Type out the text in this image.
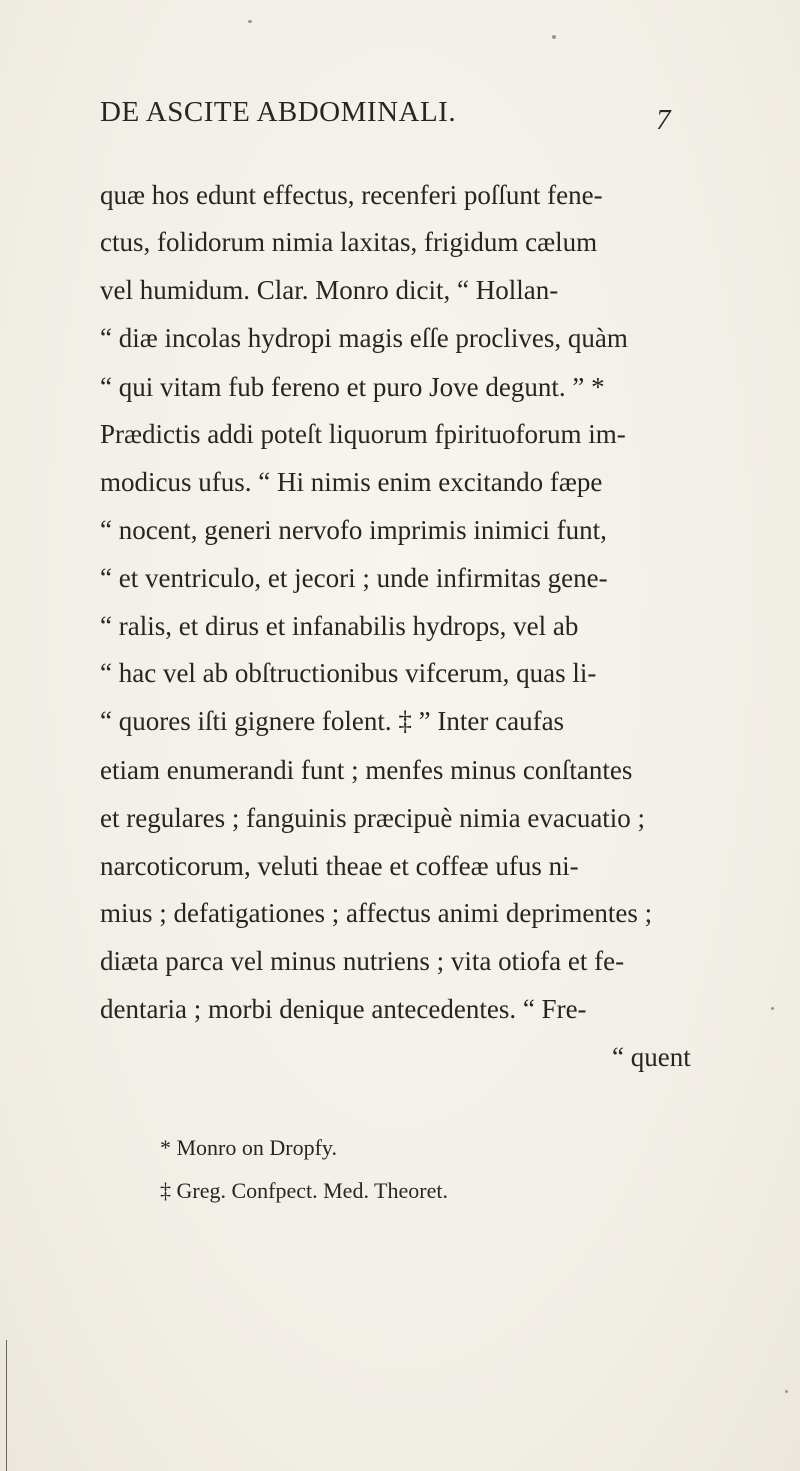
DE ASCITE ABDOMINALI.	7
quæ hos edunt effectus, recenferi poſſunt fene-
ctus, folidorum nimia laxitas, frigidum cælum
vel humidum. Clar. Monro dicit, “ Hollan-
“ diæ incolas hydropi magis eſſe proclives, quàm
“ qui vitam fub fereno et puro Jove degunt. ” *
Prædictis addi poteſt liquorum fpirituoforum im-
modicus ufus. “ Hi nimis enim excitando fæpe
“ nocent, generi nervofo imprimis inimici funt,
“ et ventriculo, et jecori ; unde infirmitas gene-
“ ralis, et dirus et infanabilis hydrops, vel ab
“ hac vel ab obſtructionibus vifcerum, quas li-
“ quores iſti gignere folent. ‡ ” Inter caufas
etiam enumerandi funt ; menfes minus conſtantes
et regulares ; fanguinis præcipuè nimia evacuatio ;
narcoticorum, veluti theae et coffeæ ufus ni-
mius ; defatigationes ; affectus animi deprimentes ;
diæta parca vel minus nutriens ; vita otiofa et fe-
dentaria ; morbi denique antecedentes. “ Fre-
“ quent
* Monro on Dropfy.
‡ Greg. Confpect. Med. Theoret.
